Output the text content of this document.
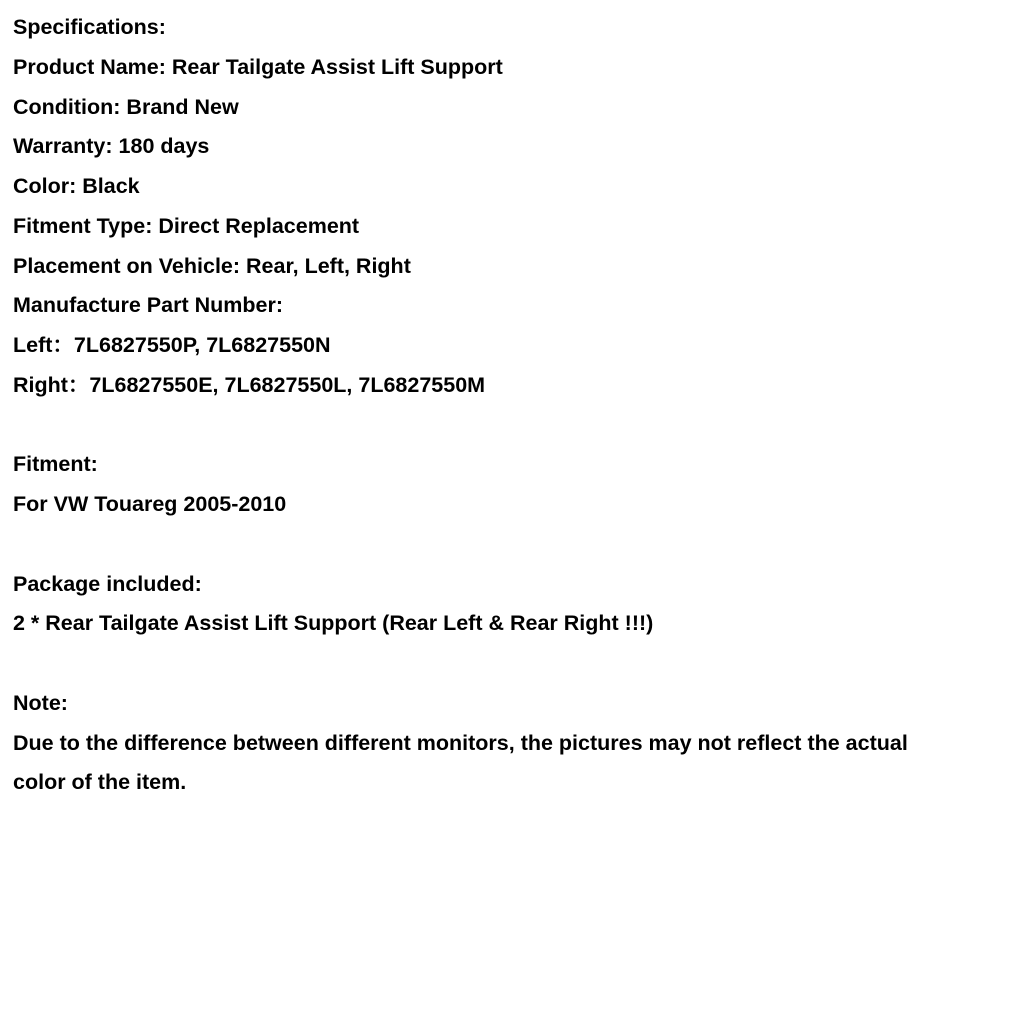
Specifications:
Product Name: Rear Tailgate Assist Lift Support
Condition: Brand New
Warranty: 180 days
Color: Black
Fitment Type: Direct Replacement
Placement on Vehicle: Rear, Left, Right
Manufacture Part Number:
Left：7L6827550P, 7L6827550N
Right：7L6827550E, 7L6827550L, 7L6827550M
Fitment:
For VW Touareg 2005-2010
Package included:
2 * Rear Tailgate Assist Lift Support (Rear Left & Rear Right !!!)
Note:
Due to the difference between different monitors, the pictures may not reflect the actual
color of the item.
